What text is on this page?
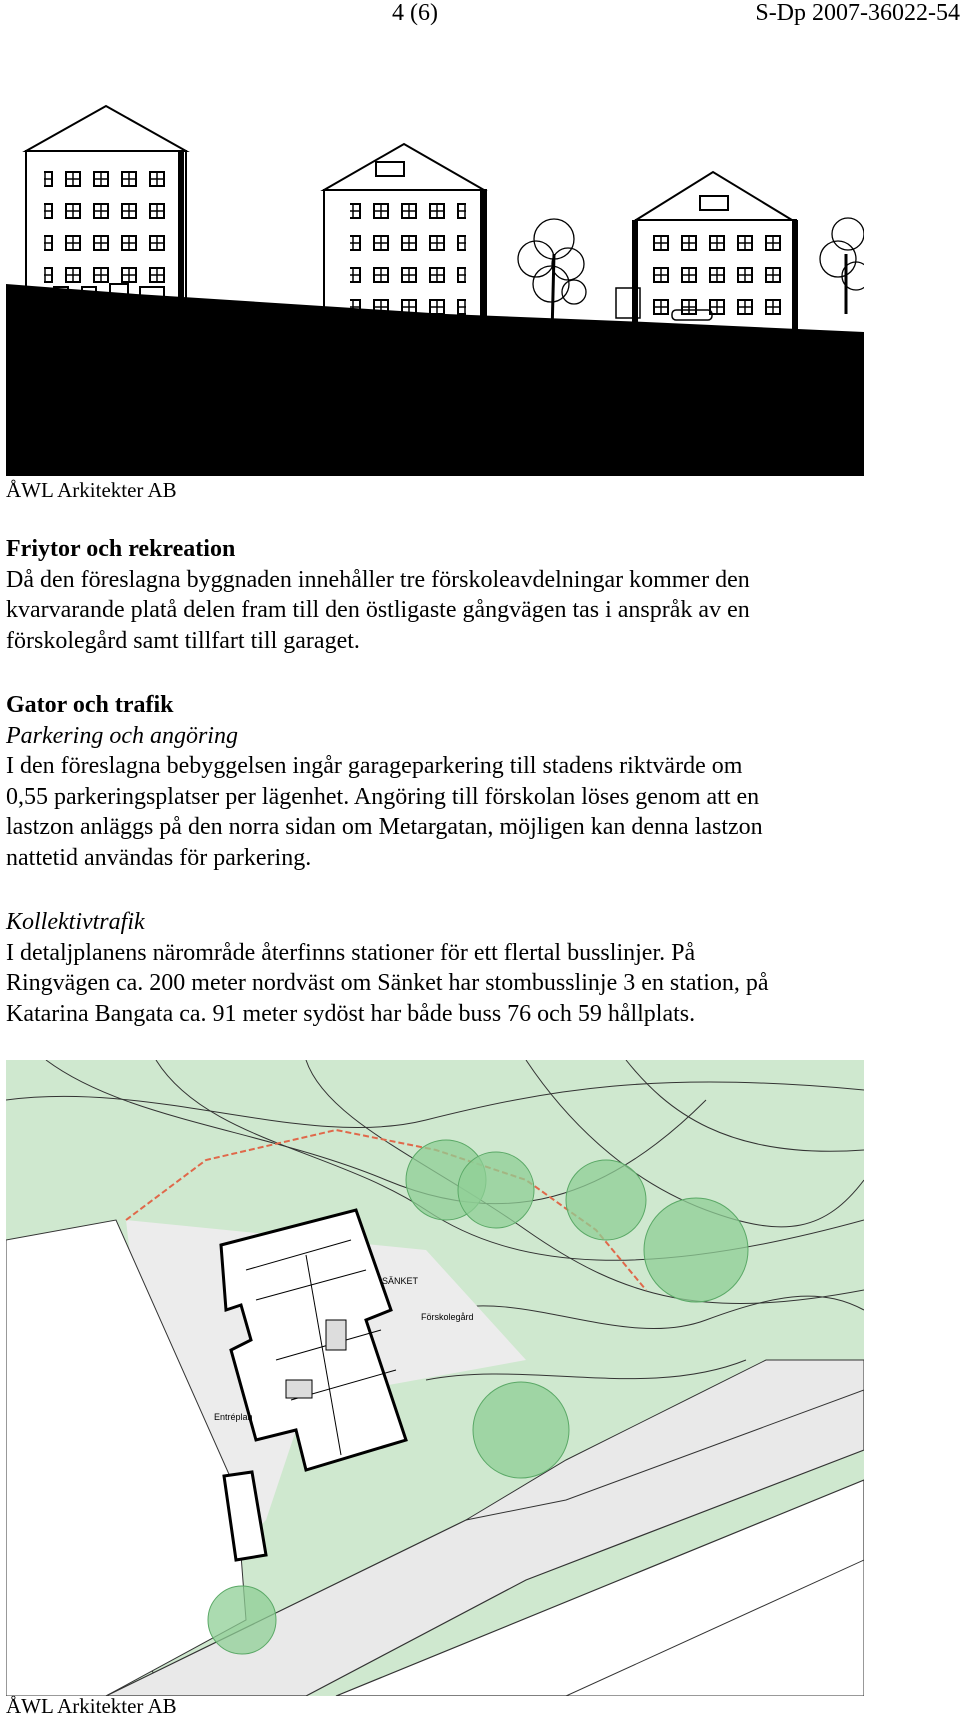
4 (6)	S-Dp 2007-36022-54
ÅWL Arkitekter AB

Friytor och rekreation

Då den föreslagna byggnaden innehåller tre förskoleavdelningar kommer den

kvarvarande platå delen fram till den östligaste gångvägen tas i anspråk av en

förskolegård samt tillfart till garaget.

Gator och trafik

Parkering och angöring

I den föreslagna bebyggelsen ingår garageparkering till stadens riktvärde om

0,55 parkeringsplatser per lägenhet. Angöring till förskolan löses genom att en

lastzon anläggs på den norra sidan om Metargatan, möjligen kan denna lastzon

nattetid användas för parkering.

Kollektivtrafik

I detaljplanens närområde återfinns stationer för ett flertal busslinjer. På

Ringvägen ca. 200 meter nordväst om Sänket har stombusslinje 3 en station, på

Katarina Bangata ca. 91 meter sydöst har både buss 76 och 59 hållplats.

SÄNKET
Förskolegård
Entréplan
ÅWL Arkitekter AB
